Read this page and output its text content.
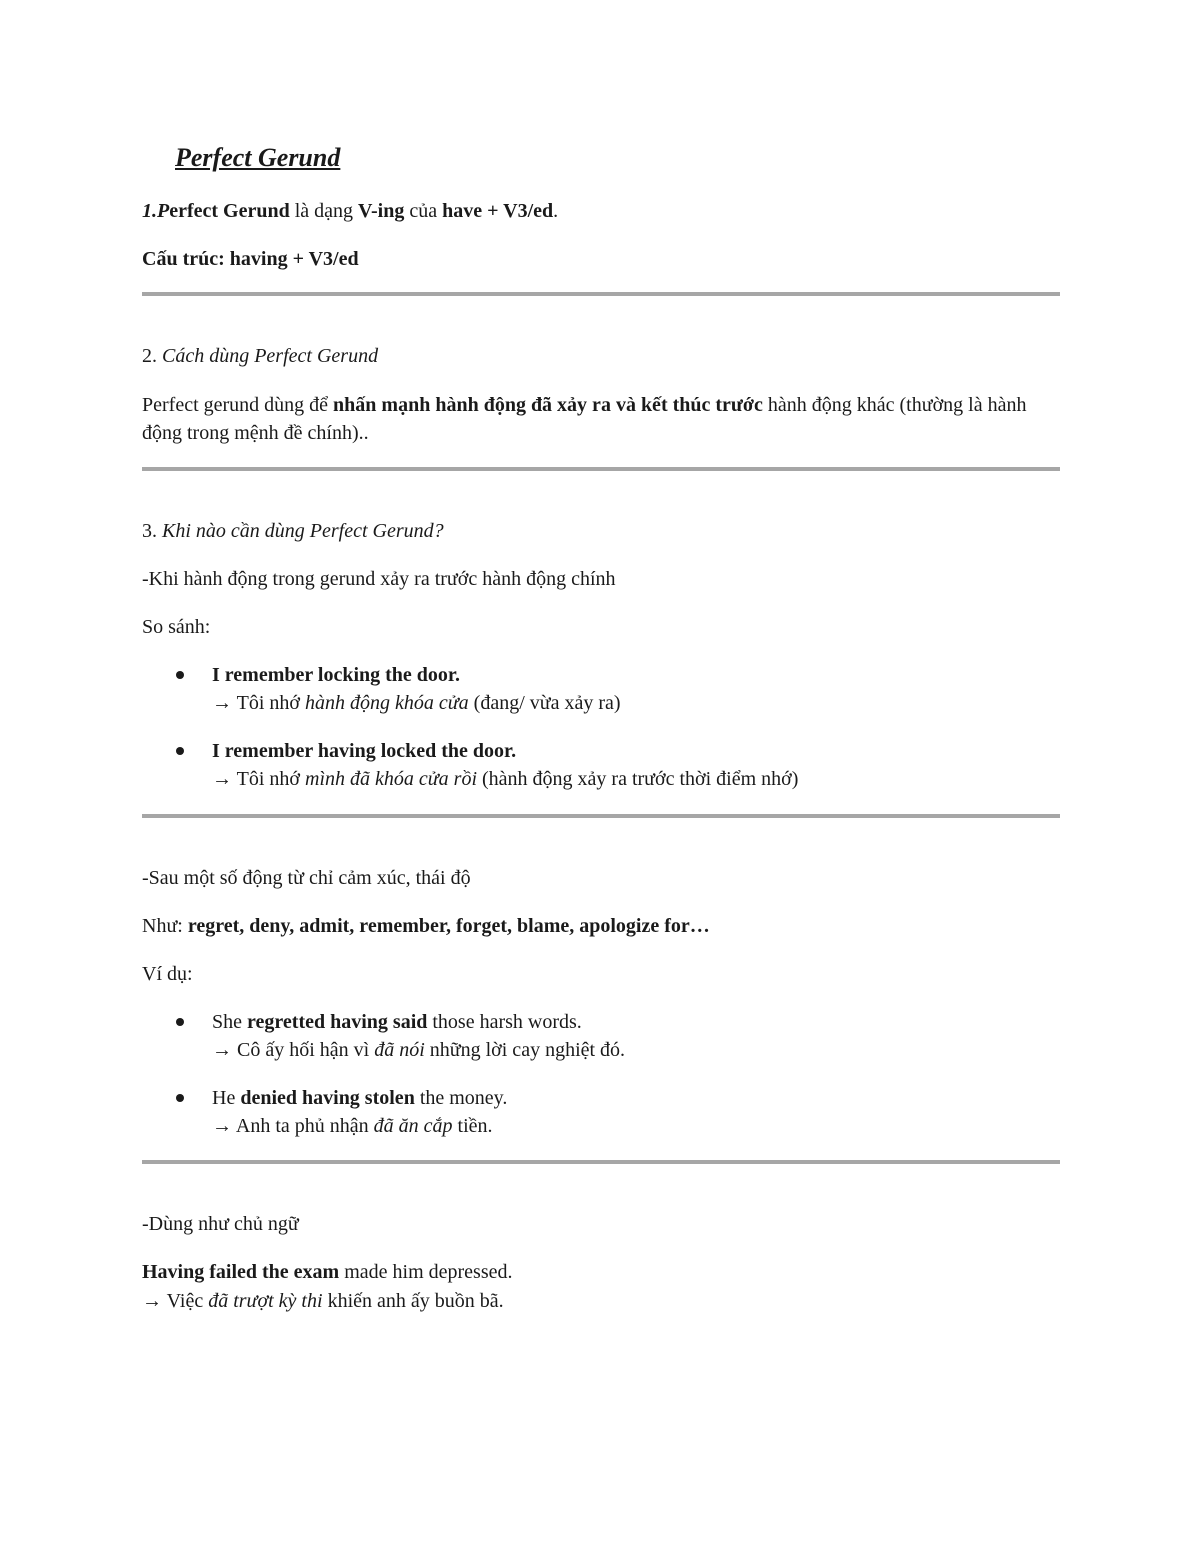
Perfect Gerund

1.Perfect Gerund là dạng V-ing của have + V3/ed.

Cấu trúc: having + V3/ed

2. Cách dùng Perfect Gerund

Perfect gerund dùng để nhấn mạnh hành động đã xảy ra và kết thúc trước hành động khác (thường là hành động trong mệnh đề chính)..

3. Khi nào cần dùng Perfect Gerund?

-Khi hành động trong gerund xảy ra trước hành động chính

So sánh:

I remember locking the door.

→ Tôi nhớ hành động khóa cửa (đang/ vừa xảy ra)

I remember having locked the door.

→ Tôi nhớ mình đã khóa cửa rồi (hành động xảy ra trước thời điểm nhớ)

-Sau một số động từ chỉ cảm xúc, thái độ

Như: regret, deny, admit, remember, forget, blame, apologize for…

Ví dụ:

She regretted having said those harsh words.

→ Cô ấy hối hận vì đã nói những lời cay nghiệt đó.

He denied having stolen the money.

→ Anh ta phủ nhận đã ăn cắp tiền.

-Dùng như chủ ngữ

Having failed the exam made him depressed.

→ Việc đã trượt kỳ thi khiến anh ấy buồn bã.
